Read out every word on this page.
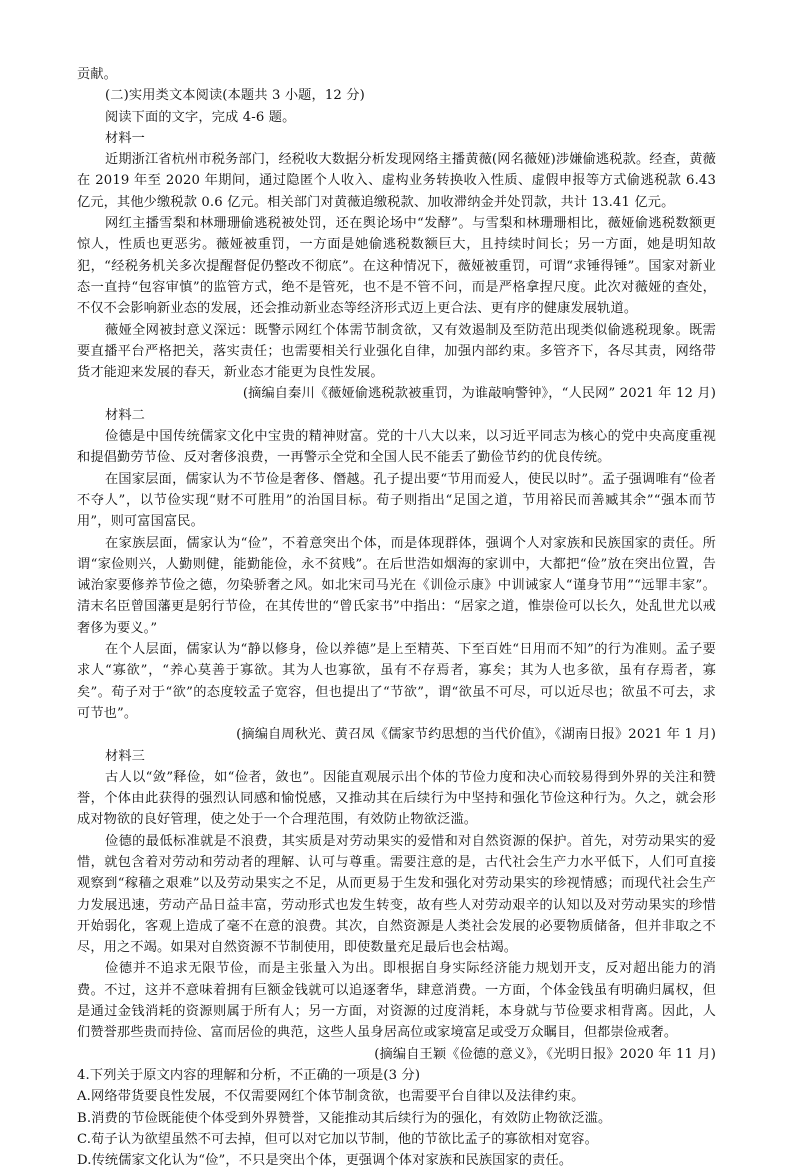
贡献。

(二)实用类文本阅读(本题共 3 小题，12 分)

阅读下面的文字，完成 4-6 题。

材料一

近期浙江省杭州市税务部门，经税收大数据分析发现网络主播黄薇(网名薇娅)涉嫌偷逃税款。经查，黄薇在 2019 年至 2020 年期间，通过隐匿个人收入、虚构业务转换收入性质、虚假申报等方式偷逃税款 6.43 亿元，其他少缴税款 0.6 亿元。相关部门对黄薇追缴税款、加收滞纳金并处罚款，共计 13.41 亿元。

网红主播雪梨和林珊珊偷逃税被处罚，还在舆论场中“发酵”。与雪梨和林珊珊相比，薇娅偷逃税数额更惊人，性质也更恶劣。薇娅被重罚，一方面是她偷逃税数额巨大，且持续时间长；另一方面，她是明知故犯，“经税务机关多次提醒督促仍整改不彻底”。在这种情况下，薇娅被重罚，可谓“求锤得锤”。国家对新业态一直持“包容审慎”的监管方式，绝不是管死，也不是不管不问，而是严格拿捏尺度。此次对薇娅的查处，不仅不会影响新业态的发展，还会推动新业态等经济形式迈上更合法、更有序的健康发展轨道。

薇娅全网被封意义深远：既警示网红个体需节制贪欲，又有效遏制及至防范出现类似偷逃税现象。既需要直播平台严格把关，落实责任；也需要相关行业强化自律，加强内部约束。多管齐下，各尽其责，网络带货才能迎来发展的春天，新业态才能更为良性发展。

(摘编自秦川《薇娅偷逃税款被重罚，为谁敲响警钟》，“人民网” 2021 年 12 月)

材料二

俭德是中国传统儒家文化中宝贵的精神财富。党的十八大以来，以习近平同志为核心的党中央高度重视和提倡勤劳节俭、反对奢侈浪费，一再警示全党和全国人民不能丢了勤俭节约的优良传统。

在国家层面，儒家认为不节俭是奢侈、僭越。孔子提出要“节用而爱人，使民以时”。孟子强调唯有“俭者不夺人”，以节俭实现“财不可胜用”的治国目标。荀子则指出“足国之道，节用裕民而善臧其余”“强本而节用”，则可富国富民。

在家族层面，儒家认为“俭”，不着意突出个体，而是体现群体，强调个人对家族和民族国家的责任。所谓“家俭则兴，人勤则健，能勤能俭，永不贫贱”。在后世浩如烟海的家训中，大都把“俭”放在突出位置，告诫治家要修养节俭之德，勿染骄奢之风。如北宋司马光在《训俭示康》中训诫家人“谨身节用”“远罪丰家”。清末名臣曾国藩更是躬行节俭，在其传世的“曾氏家书”中指出：“居家之道，惟崇俭可以长久，处乱世尤以戒奢侈为要义。”

在个人层面，儒家认为“静以修身，俭以养德”是上至精英、下至百姓“日用而不知”的行为准则。孟子要求人“寡欲”，“养心莫善于寡欲。其为人也寡欲，虽有不存焉者，寡矣；其为人也多欲，虽有存焉者，寡矣”。荀子对于“欲”的态度较孟子宽容，但也提出了“节欲”，谓“欲虽不可尽，可以近尽也；欲虽不可去，求可节也”。

(摘编自周秋光、黄召凤《儒家节约思想的当代价值》，《湖南日报》2021 年 1 月)

材料三

古人以“敛”释俭，如“俭者，敛也”。因能直观展示出个体的节俭力度和决心而较易得到外界的关注和赞誉，个体由此获得的强烈认同感和愉悦感，又推动其在后续行为中坚持和强化节俭这种行为。久之，就会形成对物欲的良好管理，使之处于一个合理范围，有效防止物欲泛滥。

俭德的最低标准就是不浪费，其实质是对劳动果实的爱惜和对自然资源的保护。首先，对劳动果实的爱惜，就包含着对劳动和劳动者的理解、认可与尊重。需要注意的是，古代社会生产力水平低下，人们可直接观察到“稼穑之艰难”以及劳动果实之不足，从而更易于生发和强化对劳动果实的珍视情感；而现代社会生产力发展迅速，劳动产品日益丰富，劳动形式也发生转变，故有些人对劳动艰辛的认知以及对劳动果实的珍惜开始弱化，客观上造成了毫不在意的浪费。其次，自然资源是人类社会发展的必要物质储备，但并非取之不尽，用之不竭。如果对自然资源不节制使用，即使数量充足最后也会枯竭。

俭德并不追求无限节俭，而是主张量入为出。即根据自身实际经济能力规划开支，反对超出能力的消费。不过，这并不意味着拥有巨额金钱就可以追逐奢华，肆意消费。一方面，个体金钱虽有明确归属权，但是通过金钱消耗的资源则属于所有人；另一方面，对资源的过度消耗，本身就与节俭要求相背离。因此，人们赞誉那些贵而持俭、富而居俭的典范，这些人虽身居高位或家境富足或受万众瞩目，但都崇俭戒奢。

(摘编自王颖《俭德的意义》，《光明日报》2020 年 11 月)

4.下列关于原文内容的理解和分析，不正确的一项是(3 分)

A.网络带货要良性发展，不仅需要网红个体节制贪欲，也需要平台自律以及法律约束。

B.消费的节俭既能使个体受到外界赞誉，又能推动其后续行为的强化，有效防止物欲泛滥。

C.荀子认为欲望虽然不可去掉，但可以对它加以节制，他的节欲比孟子的寡欲相对宽容。

D.传统儒家文化认为“俭”，不只是突出个体，更强调个体对家族和民族国家的责任。
